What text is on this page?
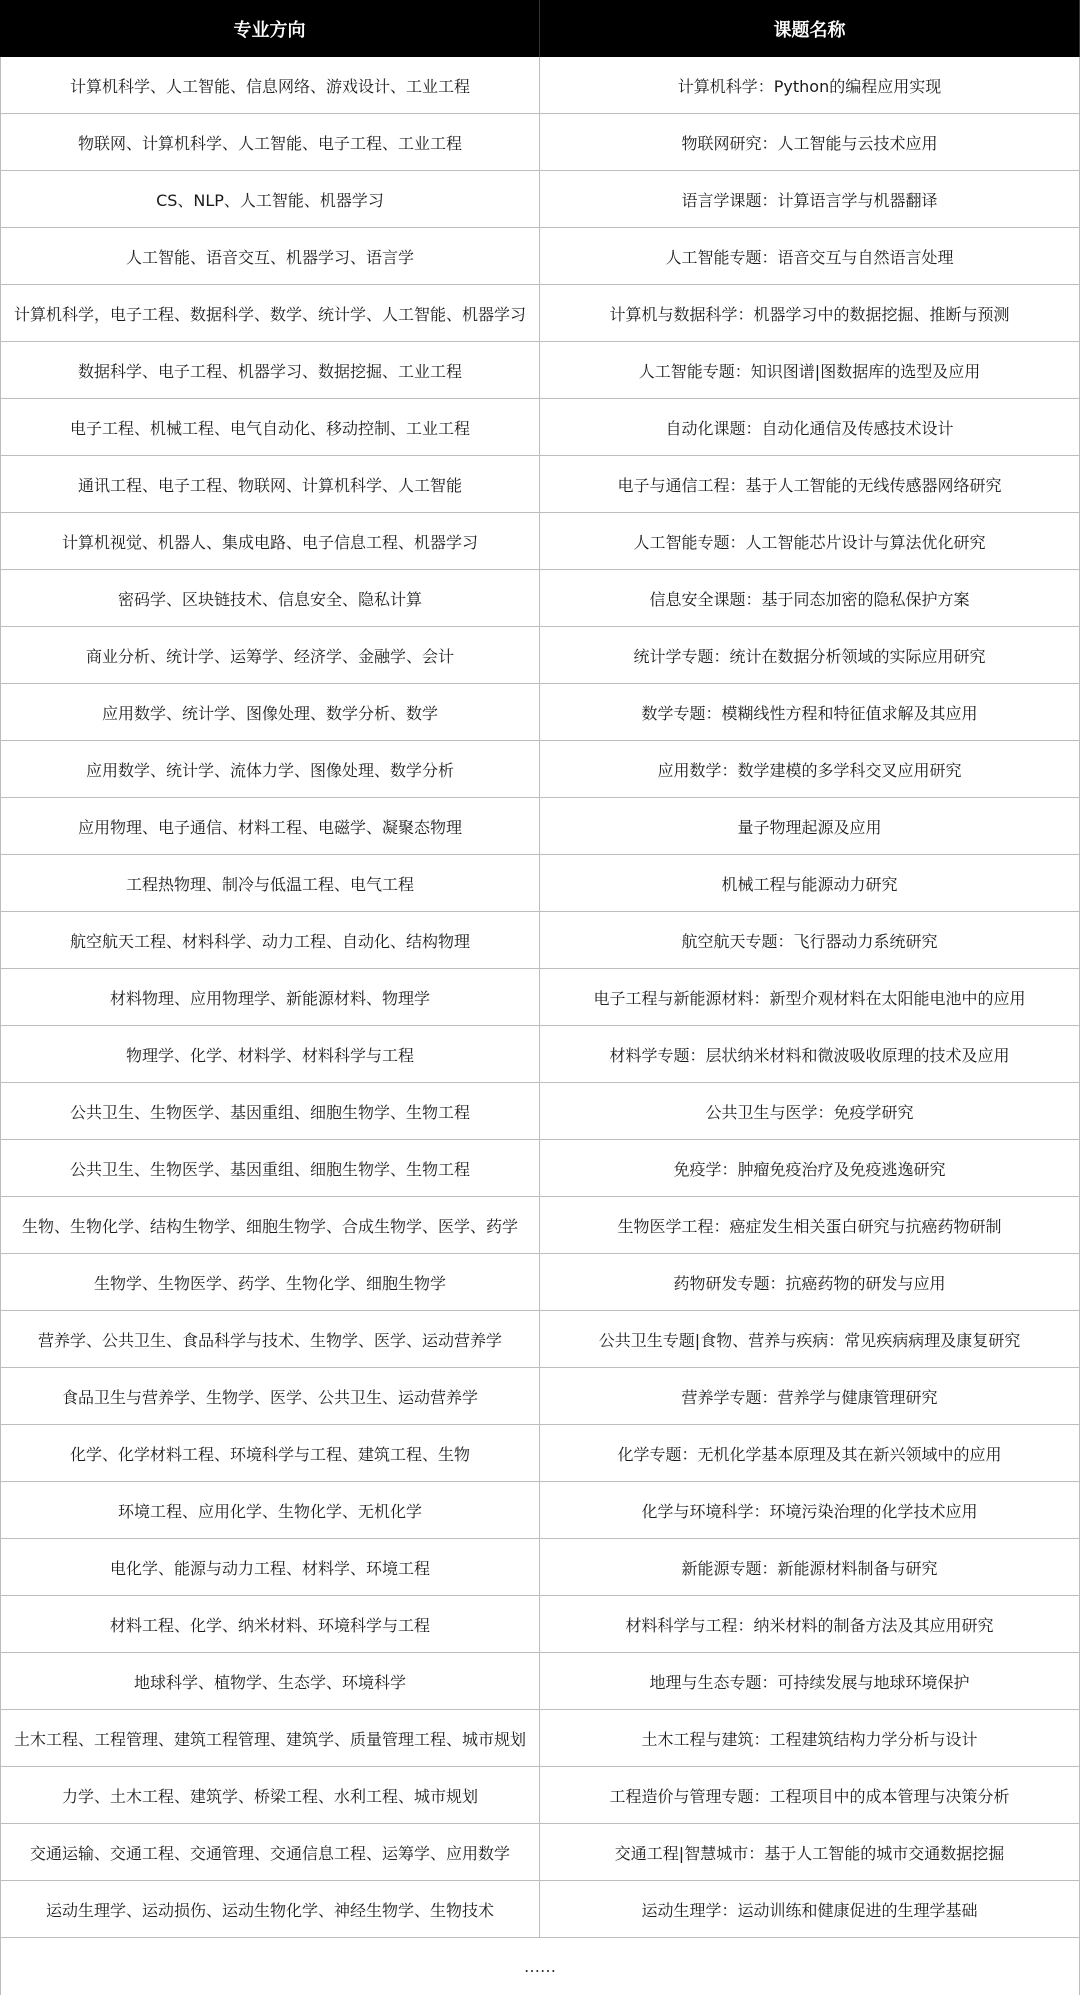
专业方向	课题名称
计算机科学、人工智能、信息网络、游戏设计、工业工程	计算机科学：Python的编程应用实现
物联网、计算机科学、人工智能、电子工程、工业工程	物联网研究：人工智能与云技术应用
CS、NLP、人工智能、机器学习	语言学课题：计算语言学与机器翻译
人工智能、语音交互、机器学习、语言学	人工智能专题：语音交互与自然语言处理
计算机科学，电子工程、数据科学、数学、统计学、人工智能、机器学习	计算机与数据科学：机器学习中的数据挖掘、推断与预测
数据科学、电子工程、机器学习、数据挖掘、工业工程	人工智能专题：知识图谱|图数据库的选型及应用
电子工程、机械工程、电气自动化、移动控制、工业工程	自动化课题：自动化通信及传感技术设计
通讯工程、电子工程、物联网、计算机科学、人工智能	电子与通信工程：基于人工智能的无线传感器网络研究
计算机视觉、机器人、集成电路、电子信息工程、机器学习	人工智能专题：人工智能芯片设计与算法优化研究
密码学、区块链技术、信息安全、隐私计算	信息安全课题：基于同态加密的隐私保护方案
商业分析、统计学、运筹学、经济学、金融学、会计	统计学专题：统计在数据分析领域的实际应用研究
应用数学、统计学、图像处理、数学分析、数学	数学专题：模糊线性方程和特征值求解及其应用
应用数学、统计学、流体力学、图像处理、数学分析	应用数学：数学建模的多学科交叉应用研究
应用物理、电子通信、材料工程、电磁学、凝聚态物理	量子物理起源及应用
工程热物理、制冷与低温工程、电气工程	机械工程与能源动力研究
航空航天工程、材料科学、动力工程、自动化、结构物理	航空航天专题：飞行器动力系统研究
材料物理、应用物理学、新能源材料、物理学	电子工程与新能源材料：新型介观材料在太阳能电池中的应用
物理学、化学、材料学、材料科学与工程	材料学专题：层状纳米材料和微波吸收原理的技术及应用
公共卫生、生物医学、基因重组、细胞生物学、生物工程	公共卫生与医学：免疫学研究
公共卫生、生物医学、基因重组、细胞生物学、生物工程	免疫学：肿瘤免疫治疗及免疫逃逸研究
生物、生物化学、结构生物学、细胞生物学、合成生物学、医学、药学	生物医学工程：癌症发生相关蛋白研究与抗癌药物研制
生物学、生物医学、药学、生物化学、细胞生物学	药物研发专题：抗癌药物的研发与应用
营养学、公共卫生、食品科学与技术、生物学、医学、运动营养学	公共卫生专题|食物、营养与疾病：常见疾病病理及康复研究
食品卫生与营养学、生物学、医学、公共卫生、运动营养学	营养学专题：营养学与健康管理研究
化学、化学材料工程、环境科学与工程、建筑工程、生物	化学专题：无机化学基本原理及其在新兴领域中的应用
环境工程、应用化学、生物化学、无机化学	化学与环境科学：环境污染治理的化学技术应用
电化学、能源与动力工程、材料学、环境工程	新能源专题：新能源材料制备与研究
材料工程、化学、纳米材料、环境科学与工程	材料科学与工程：纳米材料的制备方法及其应用研究
地球科学、植物学、生态学、环境科学	地理与生态专题：可持续发展与地球环境保护
土木工程、工程管理、建筑工程管理、建筑学、质量管理工程、城市规划	土木工程与建筑：工程建筑结构力学分析与设计
力学、土木工程、建筑学、桥梁工程、水利工程、城市规划	工程造价与管理专题：工程项目中的成本管理与决策分析
交通运输、交通工程、交通管理、交通信息工程、运筹学、应用数学	交通工程|智慧城市：基于人工智能的城市交通数据挖掘
运动生理学、运动损伤、运动生物化学、神经生物学、生物技术	运动生理学：运动训练和健康促进的生理学基础
……
